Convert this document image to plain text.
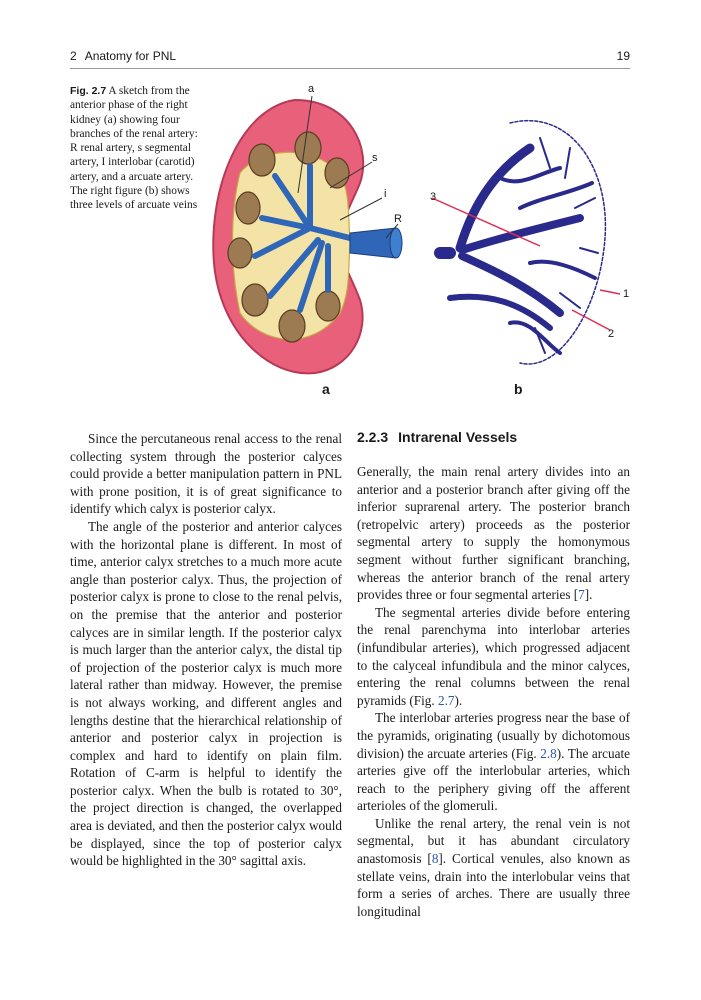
2 Anatomy for PNL	19
Fig. 2.7 A sketch from the anterior phase of the right kidney (a) showing four branches of the renal artery: R renal artery, s segmental artery, I interlobar (carotid) artery, and a arcuate artery. The right figure (b) shows three levels of arcuate veins
a
s
i
R
3
1
2
a	b

Since the percutaneous renal access to the renal collecting system through the posterior calyces could provide a better manipulation pattern in PNL with prone position, it is of great significance to identify which calyx is posterior calyx.

The angle of the posterior and anterior calyces with the horizontal plane is different. In most of time, anterior calyx stretches to a much more acute angle than posterior calyx. Thus, the projection of posterior calyx is prone to close to the renal pelvis, on the premise that the anterior and posterior calyces are in similar length. If the posterior calyx is much larger than the anterior calyx, the distal tip of projection of the posterior calyx is much more lateral rather than midway. However, the premise is not always working, and different angles and lengths destine that the hierarchical relationship of anterior and posterior calyx in projection is complex and hard to identify on plain film. Rotation of C-arm is helpful to identify the posterior calyx. When the bulb is rotated to 30°, the project direction is changed, the overlapped area is deviated, and then the posterior calyx would be displayed, since the top of posterior calyx would be highlighted in the 30° sagittal axis.

2.2.3 Intrarenal Vessels

Generally, the main renal artery divides into an anterior and a posterior branch after giving off the inferior suprarenal artery. The posterior branch (retropelvic artery) proceeds as the posterior segmental artery to supply the homonymous segment without further significant branching, whereas the anterior branch of the renal artery provides three or four segmental arteries [7].

The segmental arteries divide before entering the renal parenchyma into interlobar arteries (infundibular arteries), which progressed adjacent to the calyceal infundibula and the minor calyces, entering the renal columns between the renal pyramids (Fig. 2.7).

The interlobar arteries progress near the base of the pyramids, originating (usually by dichotomous division) the arcuate arteries (Fig. 2.8). The arcuate arteries give off the interlobular arteries, which reach to the periphery giving off the afferent arterioles of the glomeruli.

Unlike the renal artery, the renal vein is not segmental, but it has abundant circulatory anastomosis [8]. Cortical venules, also known as stellate veins, drain into the interlobular veins that form a series of arches. There are usually three longitudinal
